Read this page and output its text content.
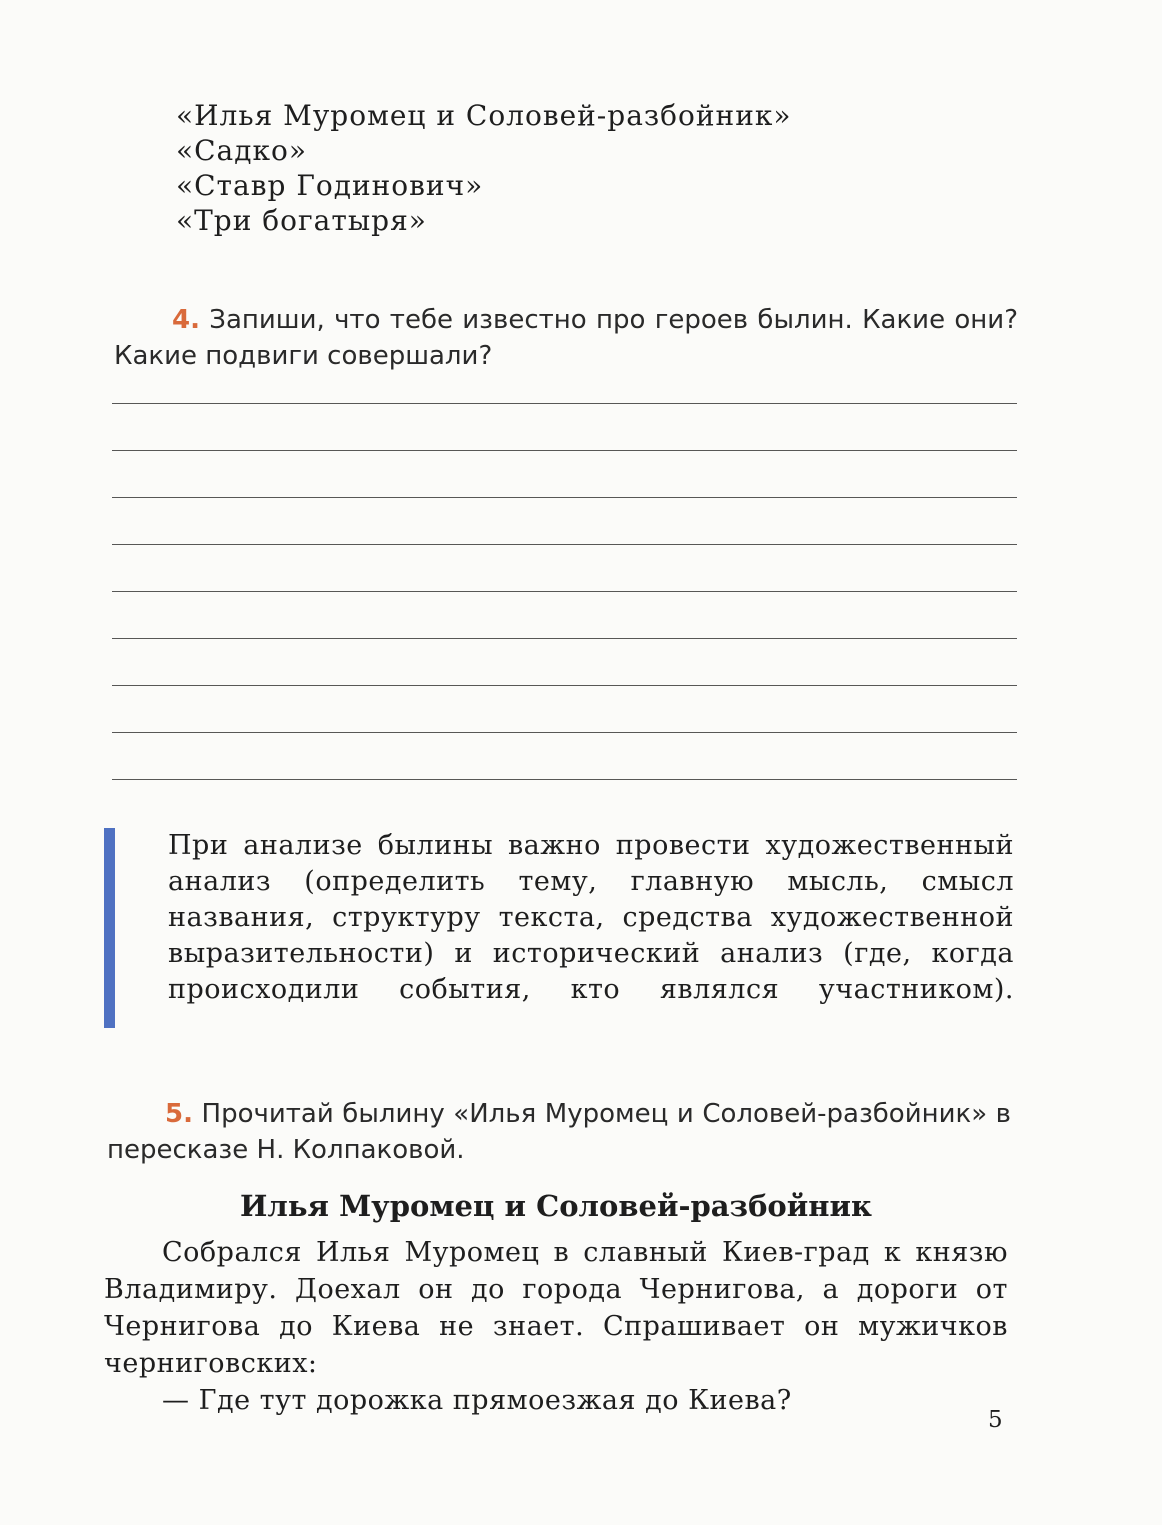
«Илья Муромец и Соловей-разбойник»
«Садко»
«Ставр Годинович»
«Три богатыря»
4. Запиши, что тебе известно про героев былин. Какие они? Какие подвиги совершали?
При анализе былины важно провести художественный анализ (определить тему, главную мысль, смысл названия, структуру текста, средства художественной выразительности) и исторический анализ (где, когда происходили события, кто являлся участником).
5. Прочитай былину «Илья Муромец и Соловей-разбойник» в пересказе Н. Колпаковой.
Илья Муромец и Соловей-разбойник

Собрался Илья Муромец в славный Киев-град к князю Владимиру. Доехал он до города Чернигова, а дороги от Чернигова до Киева не знает. Спрашивает он мужичков черниговских:

— Где тут дорожка прямоезжая до Киева?

5
